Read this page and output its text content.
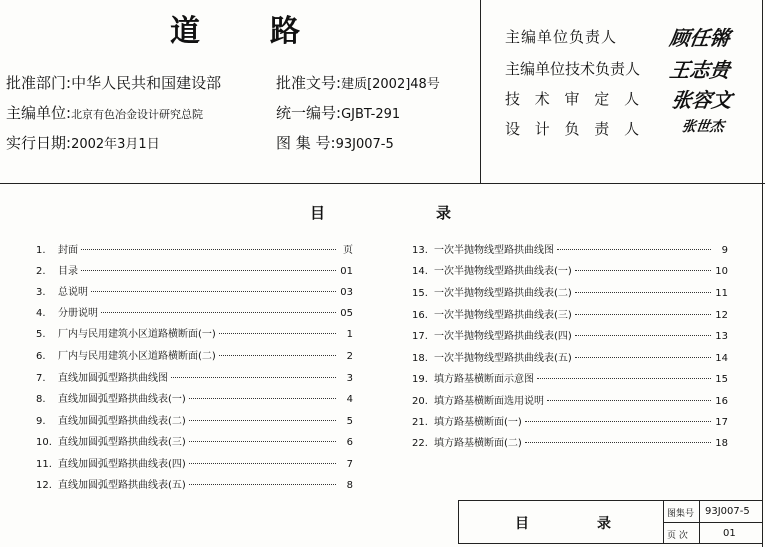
道 路
批准部门:中华人民共和国建设部	批准文号:建质[2002]48号
主编单位:北京有色冶金设计研究总院	统一编号:GJBT-291
实行日期:2002年3月1日	图 集 号:93J007-5
主编单位负责人	顾任锵
主编单位技术负责人 王志贵
技 术 审 定 人 张容文
设 计 负 责 人	张世杰
目	录
1.	封面	页
2.	目录	01
3.	总说明	03
4.	分册说明	05
5.	厂内与民用建筑小区道路横断面(一)	1
6.	厂内与民用建筑小区道路横断面(二)	2
7.	直线加圆弧型路拱曲线图	3
8.	直线加圆弧型路拱曲线表(一)	4
9.	直线加圆弧型路拱曲线表(二)	5
10. 直线加圆弧型路拱曲线表(三)	6
11. 直线加圆弧型路拱曲线表(四)	7
12. 直线加圆弧型路拱曲线表(五)	8
13. 一次半抛物线型路拱曲线图	9
14. 一次半抛物线型路拱曲线表(一)	10
15. 一次半抛物线型路拱曲线表(二)	11
16. 一次半抛物线型路拱曲线表(三)	12
17. 一次半抛物线型路拱曲线表(四)	13
18. 一次半抛物线型路拱曲线表(五)	14
19. 填方路基横断面示意图	15
20. 填方路基横断面选用说明	16
21. 填方路基横断面(一)	17
22. 填方路基横断面(二)	18
目	录
图集号 93J007-5
页 次	01
